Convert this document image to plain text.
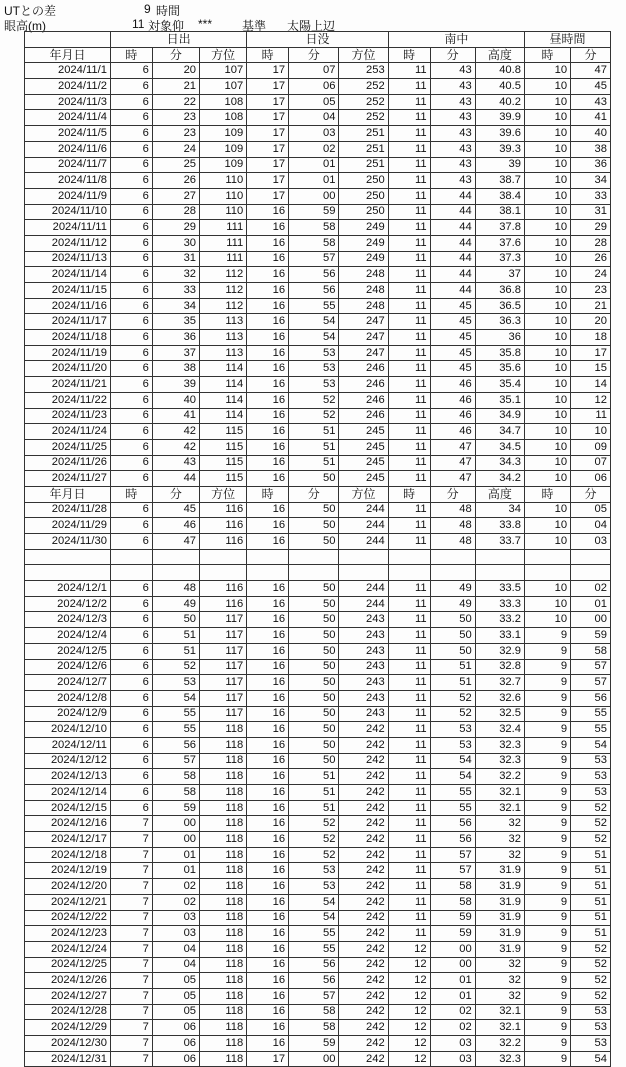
UTとの差	9 時間
眼高(m)	11 対象仰 *** 基準 太陽上辺
	日出			日没			南中			昼時間	
年月日	時	分	方位	時	分	方位	時	分	高度	時	分
2024/11/1	6	20	107	17	07	253	11	43	40.8	10	47
2024/11/2	6	21	107	17	06	252	11	43	40.5	10	45
2024/11/3	6	22	108	17	05	252	11	43	40.2	10	43
2024/11/4	6	23	108	17	04	252	11	43	39.9	10	41
2024/11/5	6	23	109	17	03	251	11	43	39.6	10	40
2024/11/6	6	24	109	17	02	251	11	43	39.3	10	38
2024/11/7	6	25	109	17	01	251	11	43	39	10	36
2024/11/8	6	26	110	17	01	250	11	43	38.7	10	34
2024/11/9	6	27	110	17	00	250	11	44	38.4	10	33
2024/11/10	6	28	110	16	59	250	11	44	38.1	10	31
2024/11/11	6	29	111	16	58	249	11	44	37.8	10	29
2024/11/12	6	30	111	16	58	249	11	44	37.6	10	28
2024/11/13	6	31	111	16	57	249	11	44	37.3	10	26
2024/11/14	6	32	112	16	56	248	11	44	37	10	24
2024/11/15	6	33	112	16	56	248	11	44	36.8	10	23
2024/11/16	6	34	112	16	55	248	11	45	36.5	10	21
2024/11/17	6	35	113	16	54	247	11	45	36.3	10	20
2024/11/18	6	36	113	16	54	247	11	45	36	10	18
2024/11/19	6	37	113	16	53	247	11	45	35.8	10	17
2024/11/20	6	38	114	16	53	246	11	45	35.6	10	15
2024/11/21	6	39	114	16	53	246	11	46	35.4	10	14
2024/11/22	6	40	114	16	52	246	11	46	35.1	10	12
2024/11/23	6	41	114	16	52	246	11	46	34.9	10	11
2024/11/24	6	42	115	16	51	245	11	46	34.7	10	10
2024/11/25	6	42	115	16	51	245	11	47	34.5	10	09
2024/11/26	6	43	115	16	51	245	11	47	34.3	10	07
2024/11/27	6	44	115	16	50	245	11	47	34.2	10	06
年月日	時	分	方位	時	分	方位	時	分	高度	時	分
2024/11/28	6	45	116	16	50	244	11	48	34	10	05
2024/11/29	6	46	116	16	50	244	11	48	33.8	10	04
2024/11/30	6	47	116	16	50	244	11	48	33.7	10	03

2024/12/1	6	48	116	16	50	244	11	49	33.5	10	02
2024/12/2	6	49	116	16	50	244	11	49	33.3	10	01
2024/12/3	6	50	117	16	50	243	11	50	33.2	10	00
2024/12/4	6	51	117	16	50	243	11	50	33.1	9	59
2024/12/5	6	51	117	16	50	243	11	50	32.9	9	58
2024/12/6	6	52	117	16	50	243	11	51	32.8	9	57
2024/12/7	6	53	117	16	50	243	11	51	32.7	9	57
2024/12/8	6	54	117	16	50	243	11	52	32.6	9	56
2024/12/9	6	55	117	16	50	243	11	52	32.5	9	55
2024/12/10	6	55	118	16	50	242	11	53	32.4	9	55
2024/12/11	6	56	118	16	50	242	11	53	32.3	9	54
2024/12/12	6	57	118	16	50	242	11	54	32.3	9	53
2024/12/13	6	58	118	16	51	242	11	54	32.2	9	53
2024/12/14	6	58	118	16	51	242	11	55	32.1	9	53
2024/12/15	6	59	118	16	51	242	11	55	32.1	9	52
2024/12/16	7	00	118	16	52	242	11	56	32	9	52
2024/12/17	7	00	118	16	52	242	11	56	32	9	52
2024/12/18	7	01	118	16	52	242	11	57	32	9	51
2024/12/19	7	01	118	16	53	242	11	57	31.9	9	51
2024/12/20	7	02	118	16	53	242	11	58	31.9	9	51
2024/12/21	7	02	118	16	54	242	11	58	31.9	9	51
2024/12/22	7	03	118	16	54	242	11	59	31.9	9	51
2024/12/23	7	03	118	16	55	242	11	59	31.9	9	51
2024/12/24	7	04	118	16	55	242	12	00	31.9	9	52
2024/12/25	7	04	118	16	56	242	12	00	32	9	52
2024/12/26	7	05	118	16	56	242	12	01	32	9	52
2024/12/27	7	05	118	16	57	242	12	01	32	9	52
2024/12/28	7	05	118	16	58	242	12	02	32.1	9	53
2024/12/29	7	06	118	16	58	242	12	02	32.1	9	53
2024/12/30	7	06	118	16	59	242	12	03	32.2	9	53
2024/12/31	7	06	118	17	00	242	12	03	32.3	9	54
